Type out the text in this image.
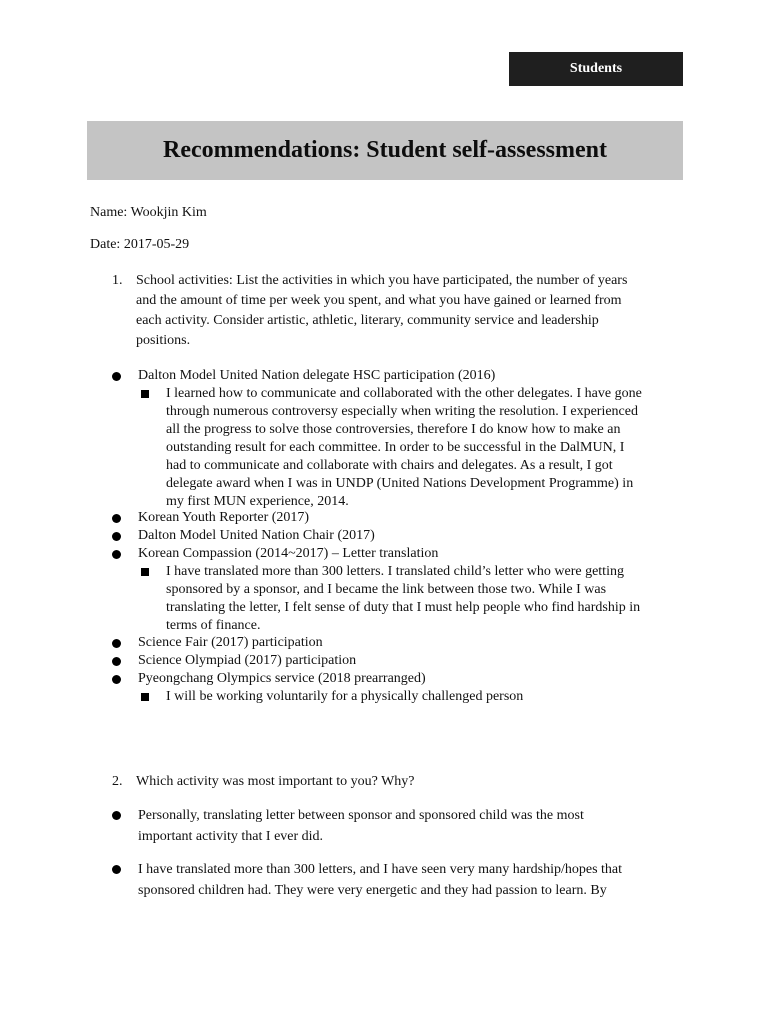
Students
Recommendations: Student self-assessment
Name: Wookjin Kim
Date: 2017-05-29
1. School activities: List the activities in which you have participated, the number of years
and the amount of time per week you spent, and what you have gained or learned from
each activity. Consider artistic, athletic, literary, community service and leadership
positions.
Dalton Model United Nation delegate HSC participation (2016)
I learned how to communicate and collaborated with the other delegates. I have gone
through numerous controversy especially when writing the resolution. I experienced
all the progress to solve those controversies, therefore I do know how to make an
outstanding result for each committee. In order to be successful in the DalMUN, I
had to communicate and collaborate with chairs and delegates. As a result, I got
delegate award when I was in UNDP (United Nations Development Programme) in
my first MUN experience, 2014.
Korean Youth Reporter (2017)
Dalton Model United Nation Chair (2017)
Korean Compassion (2014~2017) – Letter translation
I have translated more than 300 letters. I translated child’s letter who were getting
sponsored by a sponsor, and I became the link between those two. While I was
translating the letter, I felt sense of duty that I must help people who find hardship in
terms of finance.
Science Fair (2017) participation
Science Olympiad (2017) participation
Pyeongchang Olympics service (2018 prearranged)
I will be working voluntarily for a physically challenged person
2. Which activity was most important to you? Why?
Personally, translating letter between sponsor and sponsored child was the most
important activity that I ever did.
I have translated more than 300 letters, and I have seen very many hardship/hopes that
sponsored children had. They were very energetic and they had passion to learn. By
